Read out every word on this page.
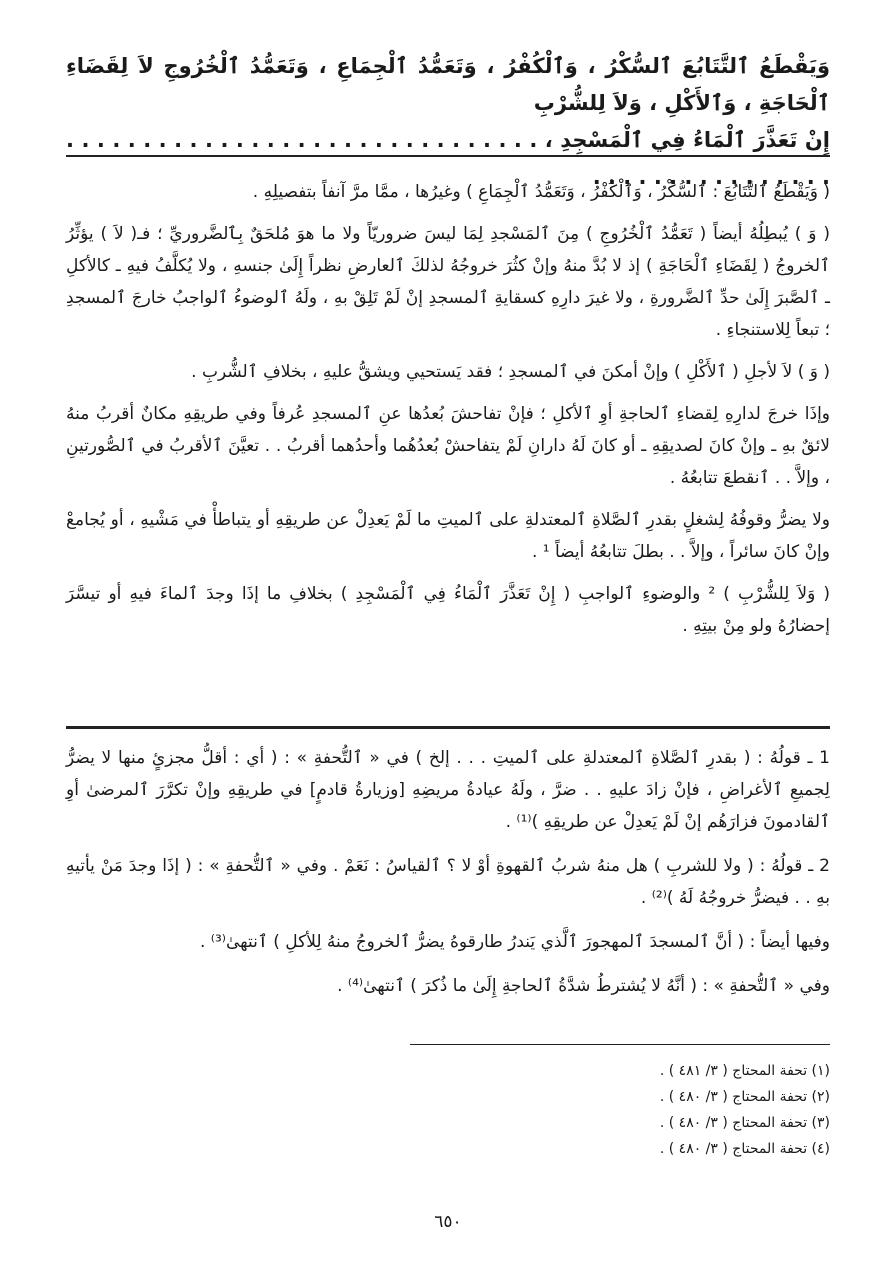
وَيَقْطَعُ ٱلتَّتَابُعَ ٱلسُّكْرُ ، وَٱلْكُفْرُ ، وَتَعَمُّدُ ٱلْجِمَاعِ ، وَتَعَمُّدُ ٱلْخُرُوجِ لاَ لِقَضَاءِ ٱلْحَاجَةِ ، وَٱلأَكْلِ ، وَلاَ لِلشُّرْبِ

إِنْ تَعَذَّرَ ٱلْمَاءُ فِي ٱلْمَسْجِدِ ، . . . . . . . . . . . . . . . . . . . . . . . . . . . . . . . . . . . . . . . . . . . . . . .

( وَيَقْطَعُ ٱلتَّتَابُعَ : ٱلسُّكْرُ ، وَٱلْكُفْرُ ، وَتَعَمُّدُ ٱلْجِمَاعِ ) وغيرُها ، ممَّا مرَّ آنفاً بتفصيلِهِ .

( وَ ) يُبطِلُهُ أيضاً ( تَعَمُّدُ ٱلْخُرُوجِ ) مِنَ ٱلمَسْجدِ لِمَا ليسَ ضروريّاً ولا ما هوَ مُلحَقٌ بِٱلضَّروريِّ ؛ فـ( لاَ ) يؤثِّرُ ٱلخروجُ ( لِقَضَاءِ ٱلْحَاجَةِ ) إذ لا بُدَّ منهُ وإنْ كثُرَ خروجُهُ لذلكَ ٱلعارضِ نظراً إِلَىٰ جنسهِ ، ولا يُكلَّفُ فيهِ ـ كالأكلِ ـ ٱلصَّبرَ إِلَىٰ حدِّ ٱلضَّرورةِ ، ولا غيرَ دارِهِ كسقايةِ ٱلمسجدِ إنْ لَمْ تَلِقْ بهِ ، ولَهُ ٱلوضوءُ ٱلواجبُ خارجَ ٱلمسجدِ ؛ تبعاً لِلاستنجاءِ .

( وَ ) لاَ لأجلِ ( ٱلأَكْلِ ) وإنْ أمكنَ في ٱلمسجدِ ؛ فقد يَستحيي ويشقُّ عليهِ ، بخلافِ ٱلشُّربِ .

وإذَا خرجَ لدارِهِ لِقضاءِ ٱلحاجةِ أوِ ٱلأكلِ ؛ فإنْ تفاحشَ بُعدُها عنِ ٱلمسجدِ عُرفاً وفي طريقِهِ مكانٌ أقربُ منهُ لائقٌ بهِ ـ وإنْ كانَ لصديقِهِ ـ أو كانَ لَهُ دارانِ لَمْ يتفاحشْ بُعدُهُما وأحدُهما أقربُ . . تعيَّنَ ٱلأقربُ في ٱلصُّورتينِ ، وإلاَّ . . ٱنقطعَ تتابعُهُ .

ولا يضرُّ وقوفُهُ لِشغلٍ بقدرِ ٱلصَّلاةِ ٱلمعتدلةِ على ٱلميتِ ما لَمْ يَعدِلْ عن طريقِهِ أو يتباطأْ في مَشْيهِ ، أو يُجامعْ وإنْ كانَ سائراً ، وإلاَّ . . بطلَ تتابعُهُ أيضاً ¹ .

( وَلاَ لِلشُّرْبِ ) ² والوضوءِ ٱلواجبِ ( إِنْ تَعَذَّرَ ٱلْمَاءُ فِي ٱلْمَسْجِدِ ) بخلافِ ما إذَا وجدَ ٱلماءَ فيهِ أو تيسَّرَ إحضارُهُ ولو مِنْ بيتِهِ .

1 ـ قولُهُ : ( بقدرِ ٱلصَّلاةِ ٱلمعتدلةِ على ٱلميتِ . . . إلخ ) في « ٱلتُّحفةِ » : ( أي : أقلُّ مجزئٍ منها لا يضرُّ لِجميعِ ٱلأغراضِ ، فإنْ زادَ عليهِ . . ضرَّ ، ولَهُ عيادةُ مريضِهِ [وزيارةُ قادمٍ] في طريقِهِ وإنْ تكرَّرَ ٱلمرضىٰ أوِ ٱلقادمونَ فزارَهُم إنْ لَمْ يَعدِلْ عن طريقِهِ )⁽¹⁾ .

2 ـ قولُهُ : ( ولا للشربِ ) هل منهُ شربُ ٱلقهوةِ أوْ لا ؟ ٱلقياسُ : نَعَمْ . وفي « ٱلتُّحفةِ » : ( إذَا وجدَ مَنْ يأتيهِ بهِ . . فيضرُّ خروجُهُ لَهُ )⁽²⁾ .

وفيها أيضاً : ( أنَّ ٱلمسجدَ ٱلمهجورَ ٱلَّذي يَندرُ طارقوهُ يضرُّ ٱلخروجُ منهُ لِلأكلِ ) ٱنتهىٰ⁽³⁾ .

وفي « ٱلتُّحفةِ » : ( أنَّهُ لا يُشترطُ شدَّةُ ٱلحاجةِ إِلَىٰ ما ذُكرَ ) ٱنتهىٰ⁽⁴⁾ .

(١) تحفة المحتاج ( ٣/ ٤٨١ ) .
(٢) تحفة المحتاج ( ٣/ ٤٨٠ ) .
(٣) تحفة المحتاج ( ٣/ ٤٨٠ ) .
(٤) تحفة المحتاج ( ٣/ ٤٨٠ ) .
٦٥٠
